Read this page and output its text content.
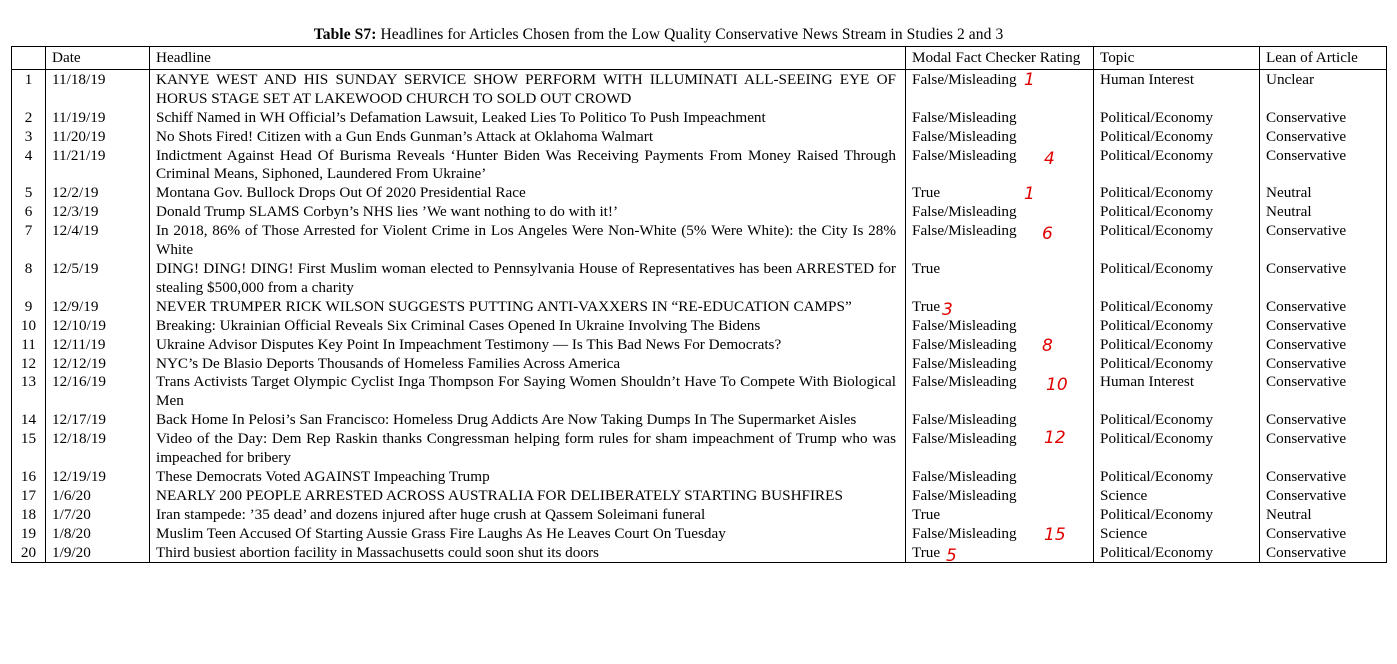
Table S7: Headlines for Articles Chosen from the Low Quality Conservative News Stream in Studies 2 and 3
	Date	Headline	Modal Fact Checker Rating	Topic	Lean of Article
1	11/18/19	KANYE WEST AND HIS SUNDAY SERVICE SHOW PERFORM WITH ILLUMINATI ALL-SEEING EYE OF HORUS STAGE SET AT LAKEWOOD CHURCH TO SOLD OUT CROWD	False/Misleading 1	Human Interest	Unclear
2	11/19/19	Schiff Named in WH Official’s Defamation Lawsuit, Leaked Lies To Politico To Push Impeachment	False/Misleading	Political/Economy	Conservative
3	11/20/19	No Shots Fired! Citizen with a Gun Ends Gunman’s Attack at Oklahoma Walmart	False/Misleading	Political/Economy	Conservative
4	11/21/19	Indictment Against Head Of Burisma Reveals ‘Hunter Biden Was Receiving Payments From Money Raised Through Criminal Means, Siphoned, Laundered From Ukraine’	False/Misleading 4	Political/Economy	Conservative
5	12/2/19	Montana Gov. Bullock Drops Out Of 2020 Presidential Race	True 1	Political/Economy	Neutral
6	12/3/19	Donald Trump SLAMS Corbyn’s NHS lies ’We want nothing to do with it!’	False/Misleading	Political/Economy	Neutral
7	12/4/19	In 2018, 86% of Those Arrested for Violent Crime in Los Angeles Were Non-White (5% Were White): the City Is 28% White	False/Misleading 6	Political/Economy	Conservative
8	12/5/19	DING! DING! DING! First Muslim woman elected to Pennsylvania House of Representatives has been ARRESTED for stealing $500,000 from a charity	True	Political/Economy	Conservative
9	12/9/19	NEVER TRUMPER RICK WILSON SUGGESTS PUTTING ANTI-VAXXERS IN “RE-EDUCATION CAMPS”	True 3	Political/Economy	Conservative
10	12/10/19	Breaking: Ukrainian Official Reveals Six Criminal Cases Opened In Ukraine Involving The Bidens	False/Misleading	Political/Economy	Conservative
11	12/11/19	Ukraine Advisor Disputes Key Point In Impeachment Testimony — Is This Bad News For Democrats?	False/Misleading 8	Political/Economy	Conservative
12	12/12/19	NYC’s De Blasio Deports Thousands of Homeless Families Across America	False/Misleading	Political/Economy	Conservative
13	12/16/19	Trans Activists Target Olympic Cyclist Inga Thompson For Saying Women Shouldn’t Have To Compete With Biological Men	False/Misleading 10	Human Interest	Conservative
14	12/17/19	Back Home In Pelosi’s San Francisco: Homeless Drug Addicts Are Now Taking Dumps In The Supermarket Aisles	False/Misleading	Political/Economy	Conservative
15	12/18/19	Video of the Day: Dem Rep Raskin thanks Congressman helping form rules for sham impeachment of Trump who was impeached for bribery	False/Misleading 12	Political/Economy	Conservative
16	12/19/19	These Democrats Voted AGAINST Impeaching Trump	False/Misleading	Political/Economy	Conservative
17	1/6/20	NEARLY 200 PEOPLE ARRESTED ACROSS AUSTRALIA FOR DELIBERATELY STARTING BUSHFIRES	False/Misleading	Science	Conservative
18	1/7/20	Iran stampede: ’35 dead’ and dozens injured after huge crush at Qassem Soleimani funeral	True	Political/Economy	Neutral
19	1/8/20	Muslim Teen Accused Of Starting Aussie Grass Fire Laughs As He Leaves Court On Tuesday	False/Misleading 15	Science	Conservative
20	1/9/20	Third busiest abortion facility in Massachusetts could soon shut its doors	True 5	Political/Economy	Conservative
